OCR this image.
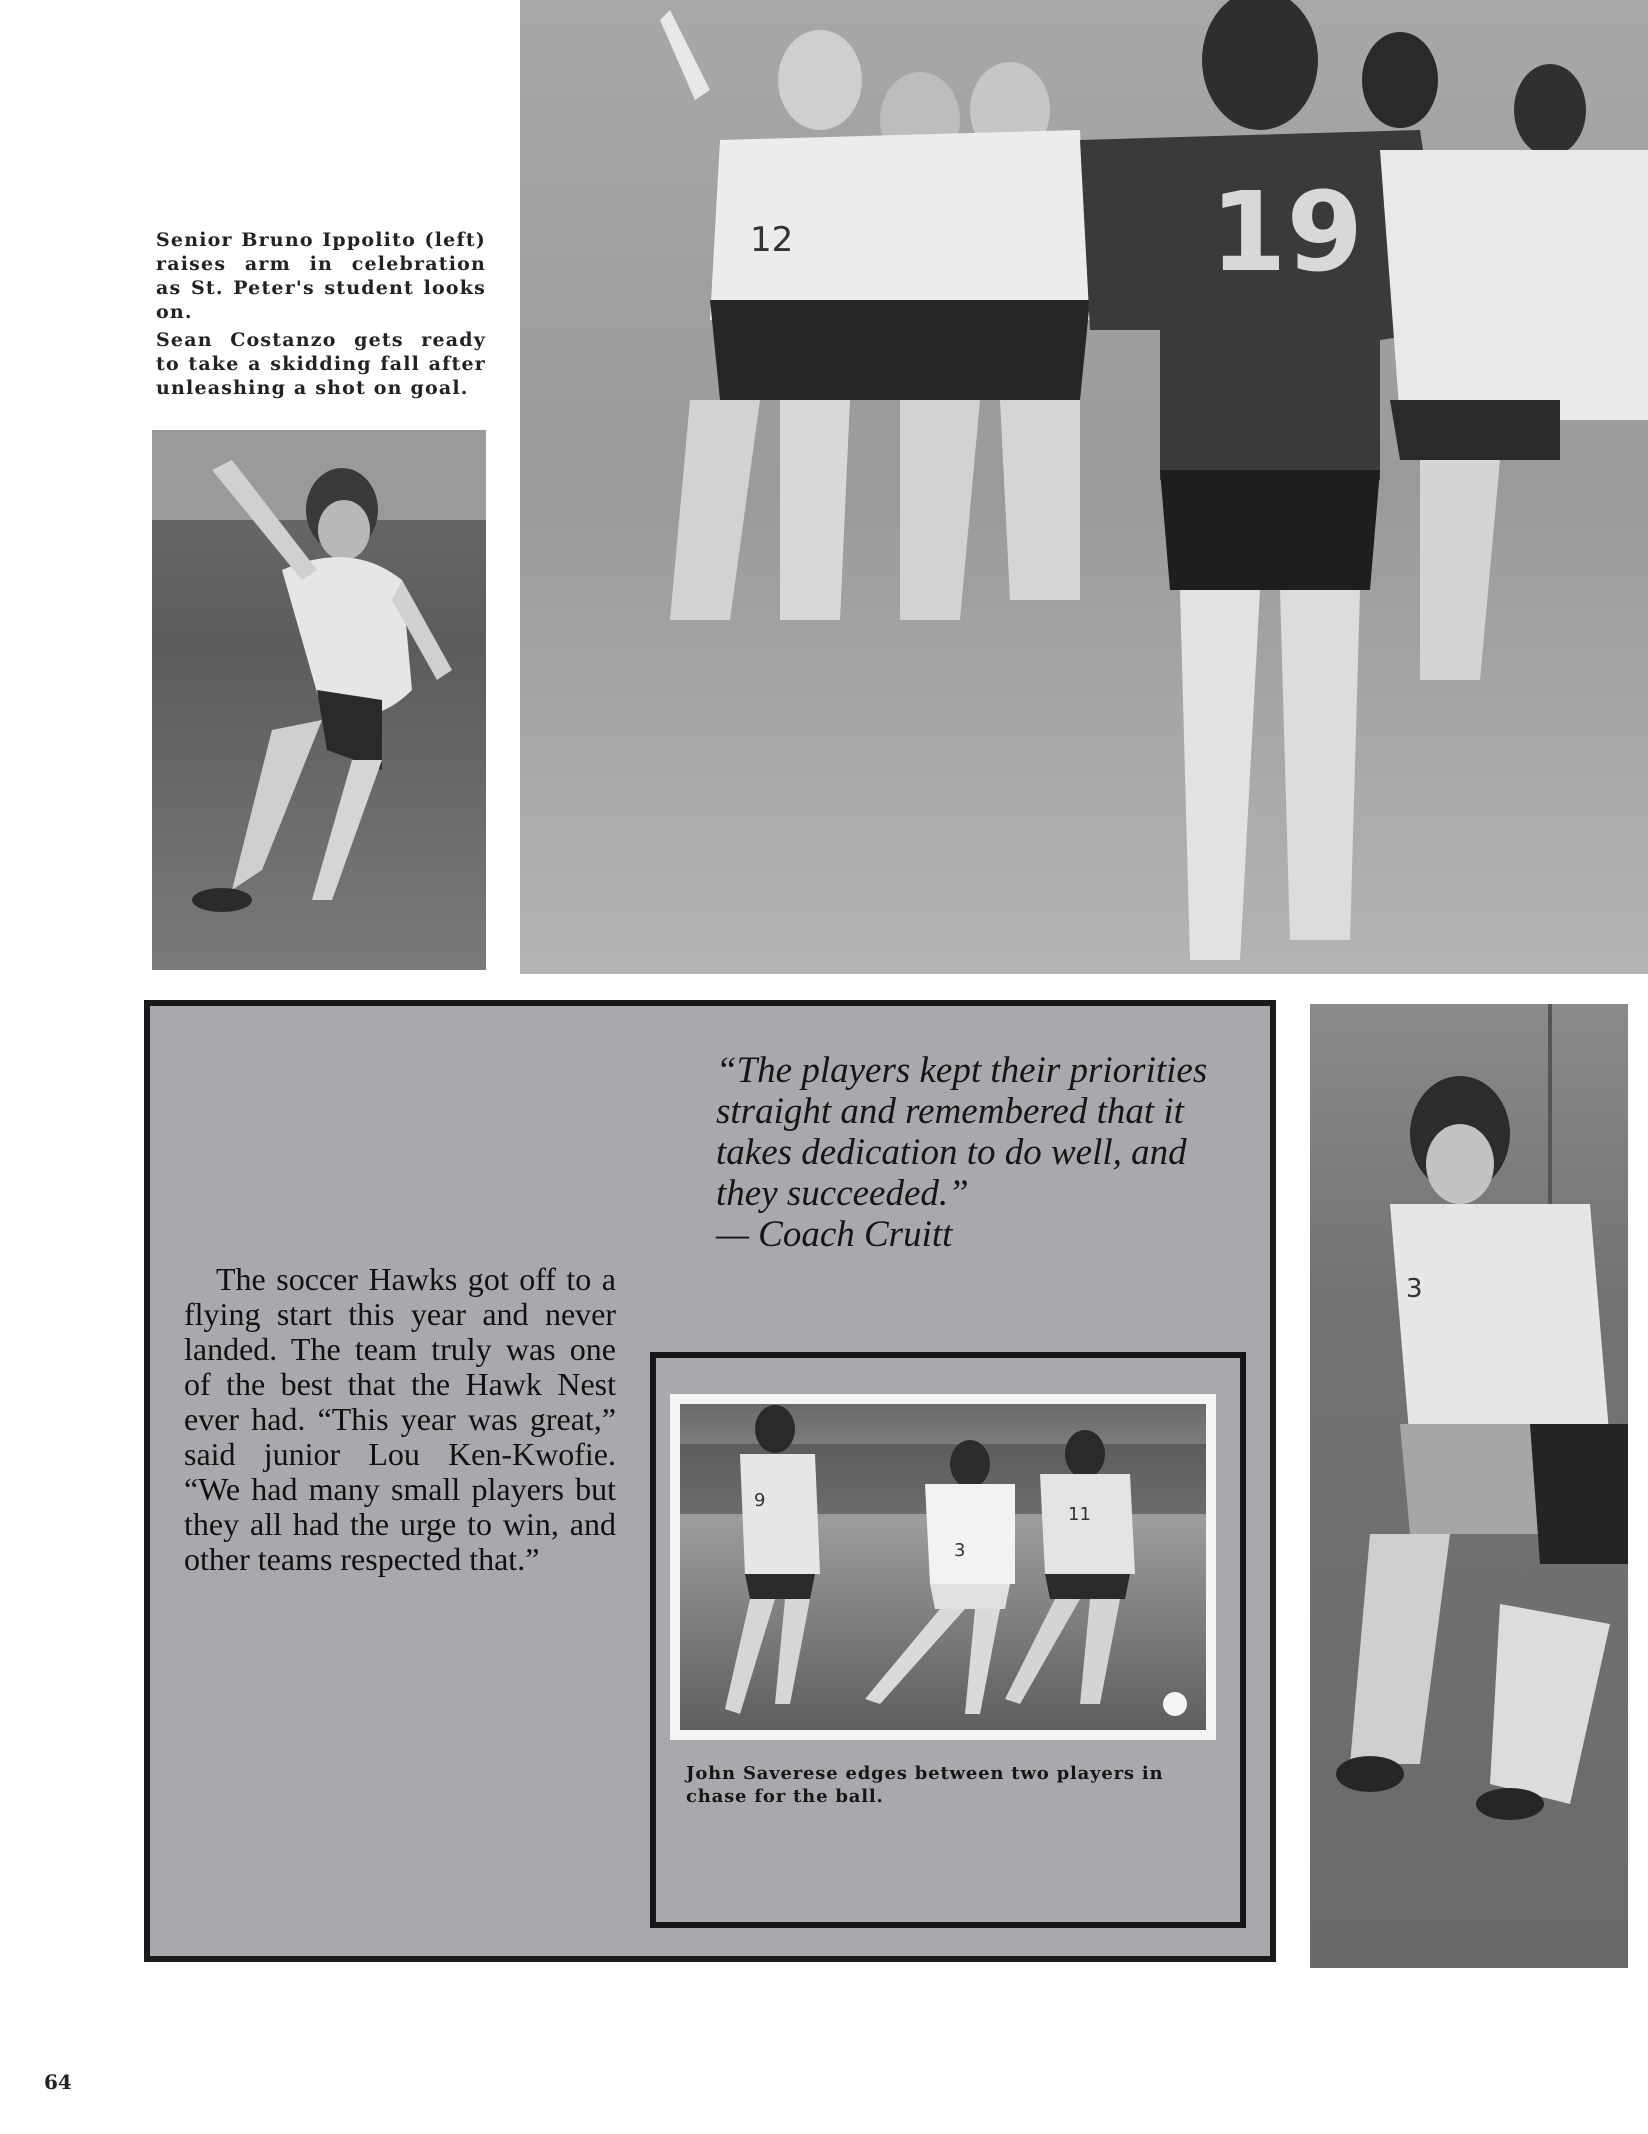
Senior Bruno Ippolito (left) raises arm in celebration as St. Peter's student looks on.
Sean Costanzo gets ready to take a skidding fall after unleashing a shot on goal.
19
12
“The players kept their priorities straight and remembered that it takes dedication to do well, and they succeeded.”
— Coach Cruitt
The soccer Hawks got off to a flying start this year and never landed. The team truly was one of the best that the Hawk Nest ever had. “This year was great,” said junior Lou Ken-Kwofie. “We had many small players but they all had the urge to win, and other teams respected that.”
9
3
11
John Saverese edges between two players in chase for the ball.
3
64
